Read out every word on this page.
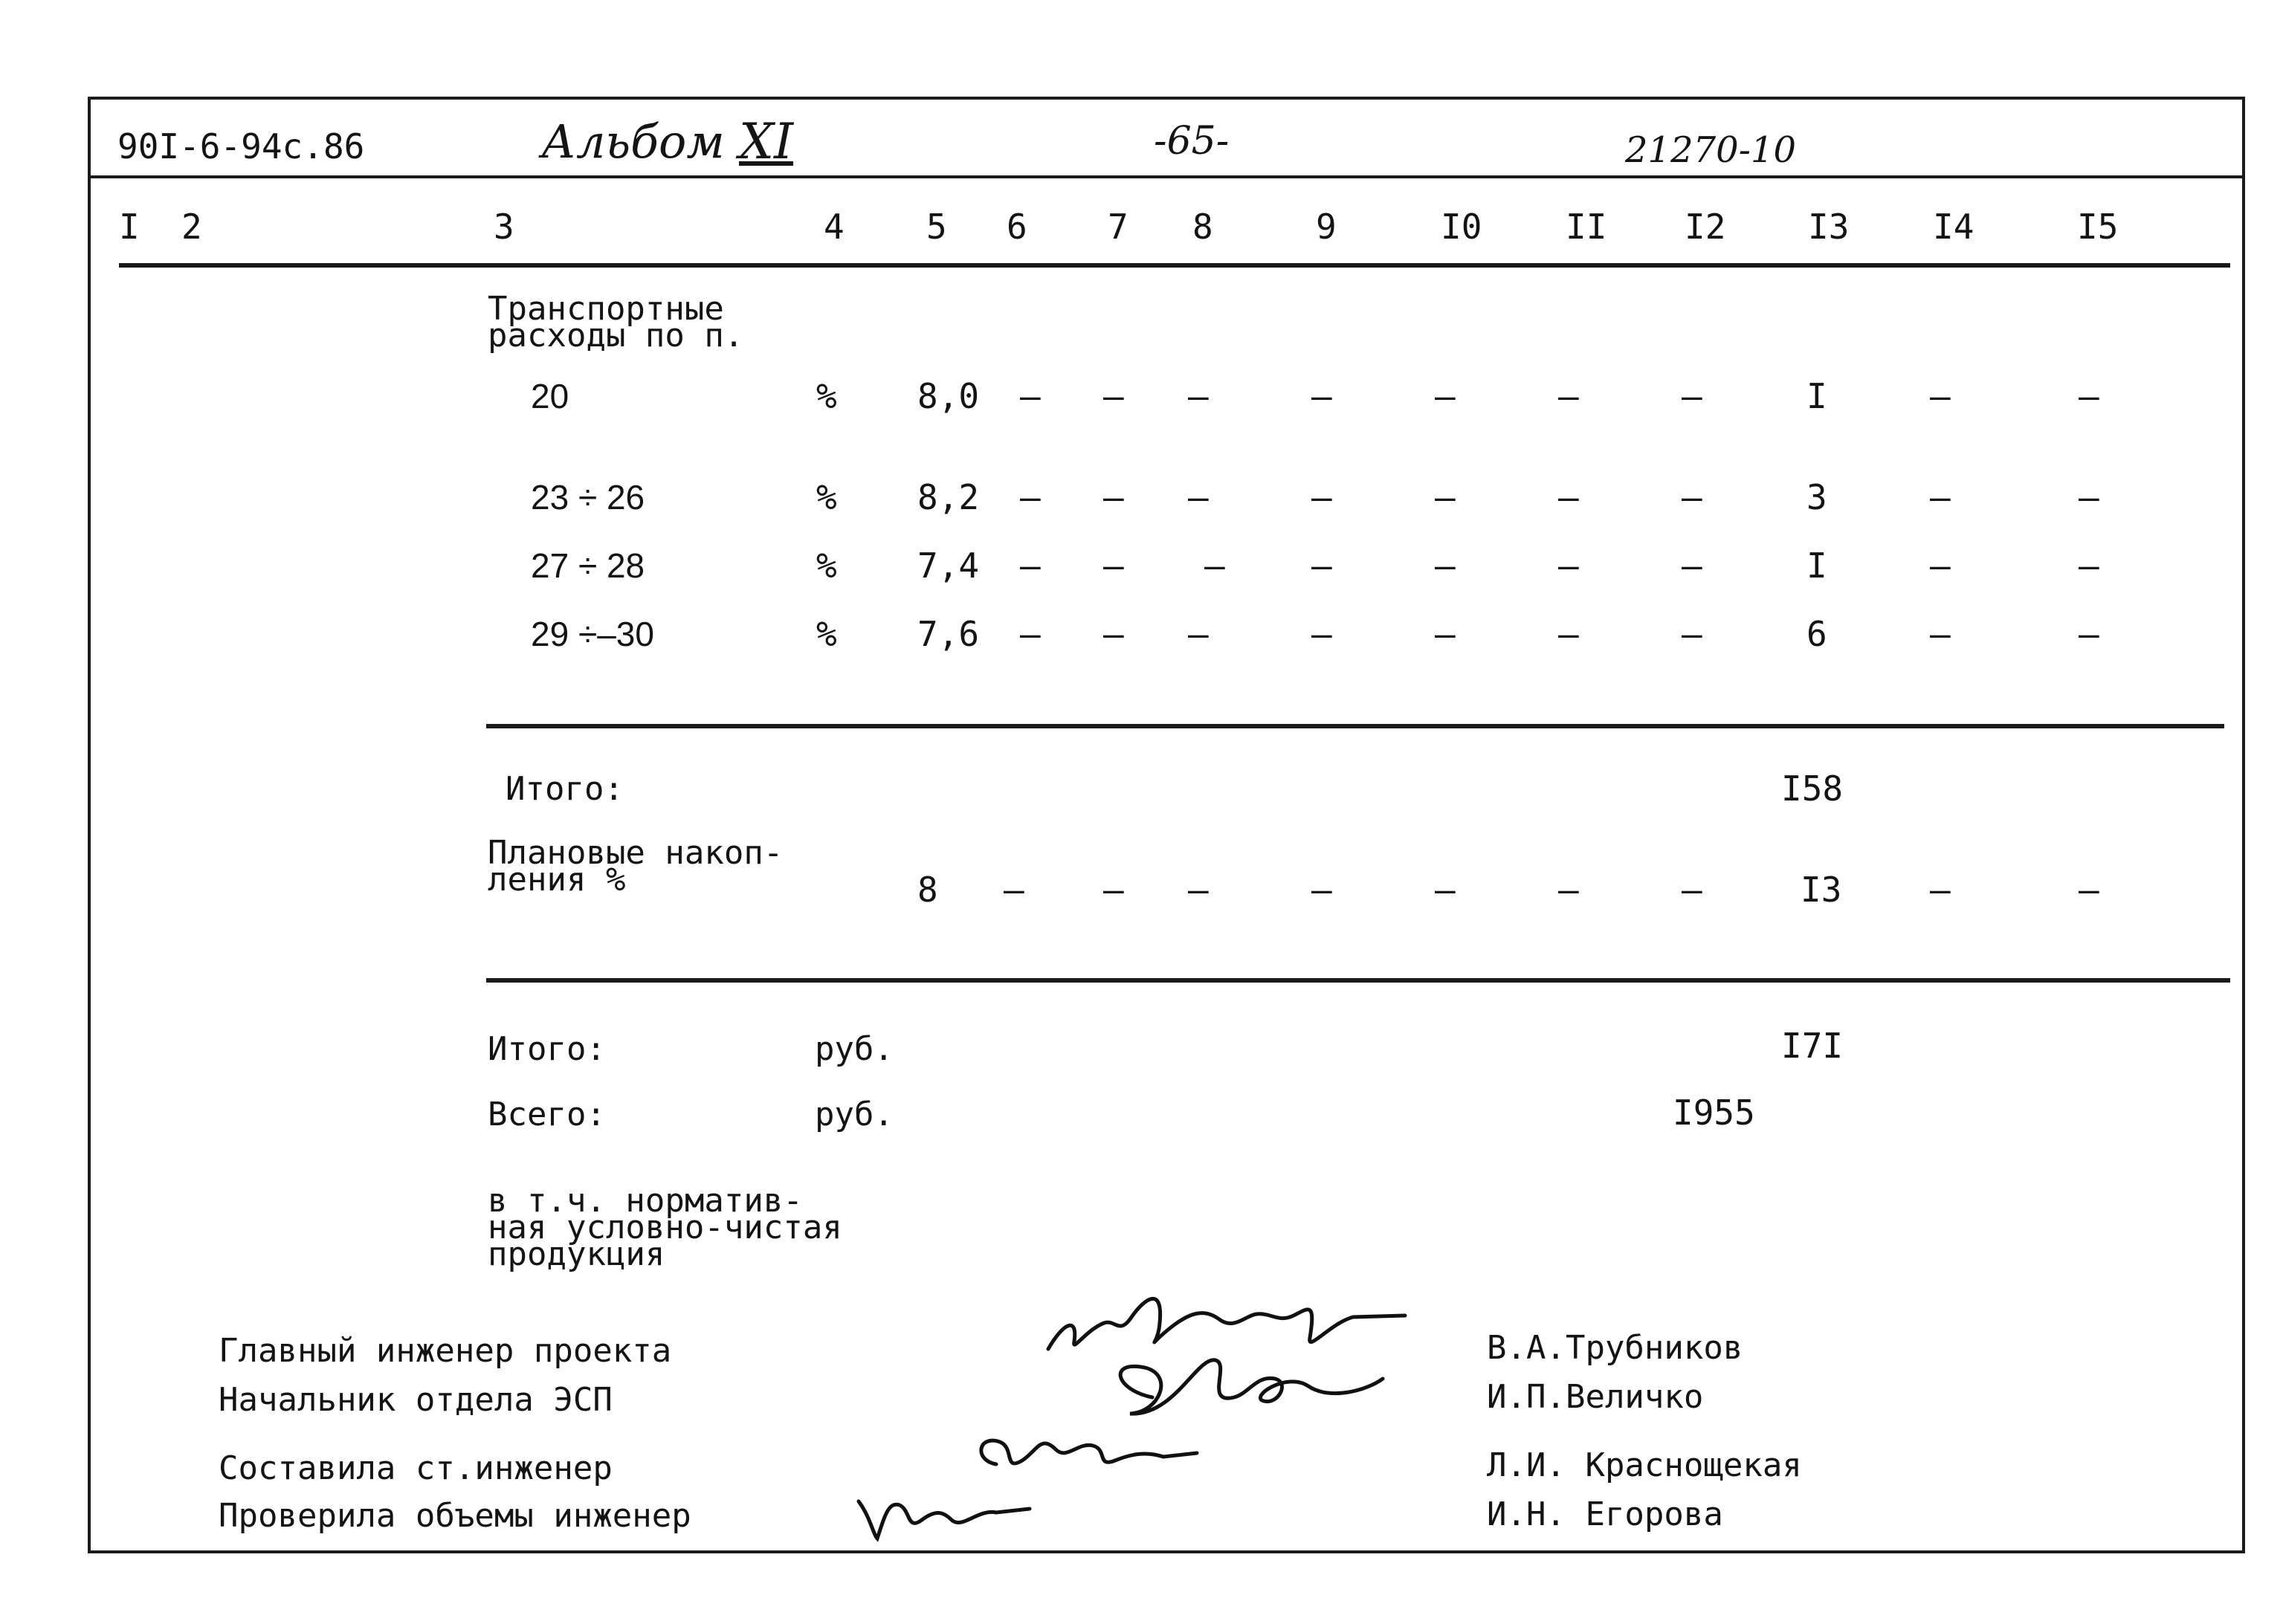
90I-6-94с.86	Альбом XI	-65-	21270-10
I 2	3	4 5 6 7 8	9	I0 II I2 I3 I4	I5
Транспортные
расходы по п.
20	% 8,0 – – –	–	–	–	–	I	–	–
23 ÷ 26	% 8,2 – – –	–	–	–	–	3	–	–
27 ÷ 28	% 7,4 – – –	–	–	–	–	I	–	–
29 ÷–30	% 7,6 – – –	–	–	–	–	6	–	–
Итого:	I58
Плановые накоп-
ления %	8 – – –	–	–	–	–	I3	–	–
Итого:	руб.	I7I
Всего:	руб.	I955
в т.ч. норматив-
ная условно-чистая
продукция
Главный инженер проекта
Начальник отдела ЭСП
Составила ст.инженер
Проверила объемы инженер
В.А.Трубников
И.П.Величко
Л.И. Краснощекая
И.Н. Егорова
